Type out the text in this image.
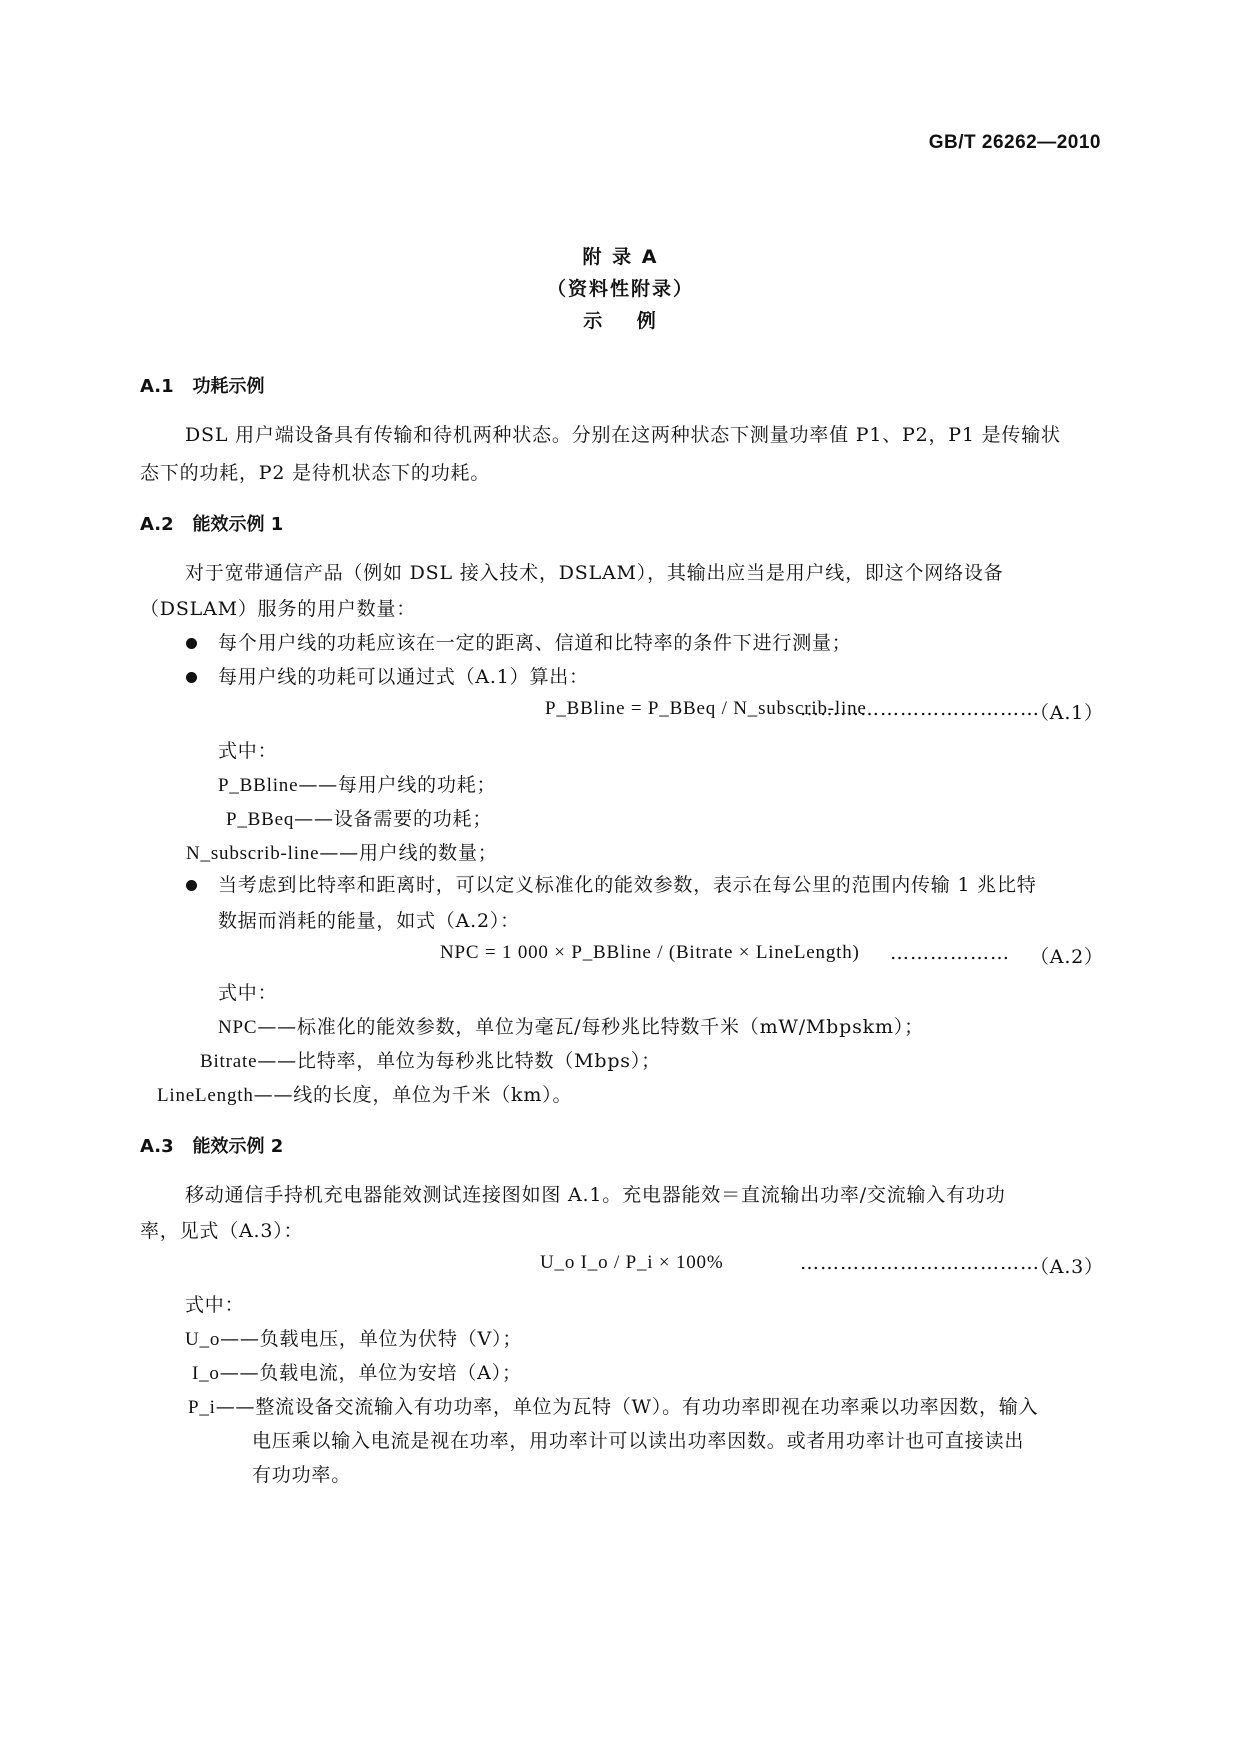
GB/T 26262—2010
附 录 A
（资料性附录）
示 例
A.1 功耗示例
DSL 用户端设备具有传输和待机两种状态。分别在这两种状态下测量功率值 P1、P2，P1 是传输状
态下的功耗，P2 是待机状态下的功耗。
A.2 能效示例 1
对于宽带通信产品（例如 DSL 接入技术，DSLAM），其输出应当是用户线，即这个网络设备
（DSLAM）服务的用户数量：
每个用户线的功耗应该在一定的距离、信道和比特率的条件下进行测量；
每用户线的功耗可以通过式（A.1）算出：
P_BBline = P_BBeq / N_subscrib-line
………………………………
（A.1）
式中：
P_BBline——每用户线的功耗；
P_BBeq——设备需要的功耗；
N_subscrib-line——用户线的数量；
当考虑到比特率和距离时，可以定义标准化的能效参数，表示在每公里的范围内传输 1 兆比特
数据而消耗的能量，如式（A.2）：
NPC = 1 000 × P_BBline / (Bitrate × LineLength) ……………… （A.2）
式中：
NPC——标准化的能效参数，单位为毫瓦/每秒兆比特数千米（mW/Mbpskm）；
Bitrate——比特率，单位为每秒兆比特数（Mbps）；
LineLength——线的长度，单位为千米（km）。
A.3 能效示例 2
移动通信手持机充电器能效测试连接图如图 A.1。充电器能效＝直流输出功率/交流输入有功功
率，见式（A.3）：
U_o I_o / P_i × 100%	………………………………
（A.3）
式中：
U_o——负载电压，单位为伏特（V）；
I_o——负载电流，单位为安培（A）；
P_i——整流设备交流输入有功功率，单位为瓦特（W）。有功功率即视在功率乘以功率因数，输入
电压乘以输入电流是视在功率，用功率计可以读出功率因数。或者用功率计也可直接读出
有功功率。
